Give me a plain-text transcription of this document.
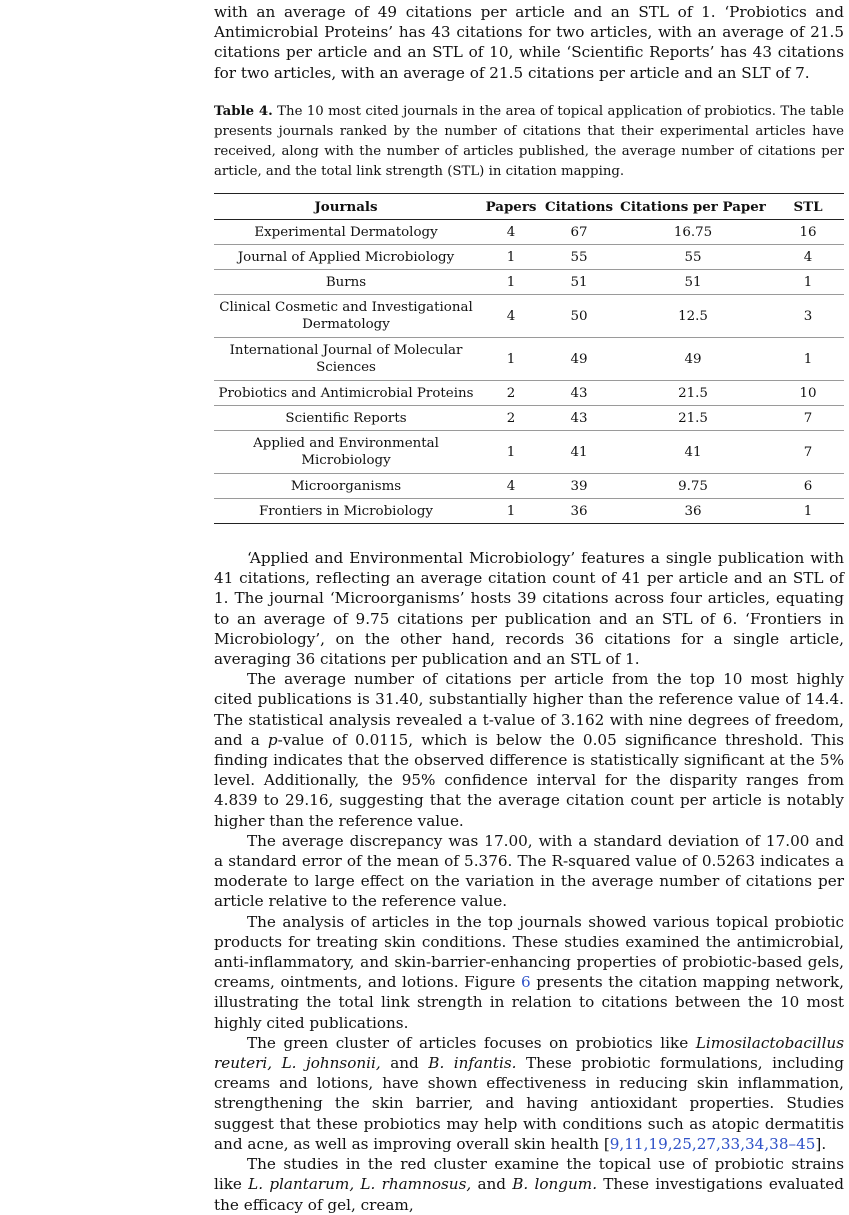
with an average of 49 citations per article and an STL of 1. ‘Probiotics and Antimicrobial Proteins’ has 43 citations for two articles, with an average of 21.5 citations per article and an STL of 10, while ‘Scientific Reports’ has 43 citations for two articles, with an average of 21.5 citations per article and an SLT of 7.

Table 4. The 10 most cited journals in the area of topical application of probiotics. The table presents journals ranked by the number of citations that their experimental articles have received, along with the number of articles published, the average number of citations per article, and the total link strength (STL) in citation mapping.

Journals	Papers	Citations	Citations per Paper	STL
Experimental Dermatology	4	67	16.75	16
Journal of Applied Microbiology	1	55	55	4
Burns	1	51	51	1
Clinical Cosmetic and Investigational Dermatology	4	50	12.5	3
International Journal of Molecular Sciences	1	49	49	1
Probiotics and Antimicrobial Proteins	2	43	21.5	10
Scientific Reports	2	43	21.5	7
Applied and Environmental Microbiology	1	41	41	7
Microorganisms	4	39	9.75	6
Frontiers in Microbiology	1	36	36	1

‘Applied and Environmental Microbiology’ features a single publication with 41 citations, reflecting an average citation count of 41 per article and an STL of 1. The journal ‘Microorganisms’ hosts 39 citations across four articles, equating to an average of 9.75 citations per publication and an STL of 6. ‘Frontiers in Microbiology’, on the other hand, records 36 citations for a single article, averaging 36 citations per publication and an STL of 1.

The average number of citations per article from the top 10 most highly cited publications is 31.40, substantially higher than the reference value of 14.4. The statistical analysis revealed a t-value of 3.162 with nine degrees of freedom, and a p-value of 0.0115, which is below the 0.05 significance threshold. This finding indicates that the observed difference is statistically significant at the 5% level. Additionally, the 95% confidence interval for the disparity ranges from 4.839 to 29.16, suggesting that the average citation count per article is notably higher than the reference value.

The average discrepancy was 17.00, with a standard deviation of 17.00 and a standard error of the mean of 5.376. The R-squared value of 0.5263 indicates a moderate to large effect on the variation in the average number of citations per article relative to the reference value.

The analysis of articles in the top journals showed various topical probiotic products for treating skin conditions. These studies examined the antimicrobial, anti-inflammatory, and skin-barrier-enhancing properties of probiotic-based gels, creams, ointments, and lotions. Figure 6 presents the citation mapping network, illustrating the total link strength in relation to citations between the 10 most highly cited publications.

The green cluster of articles focuses on probiotics like Limosilactobacillus reuteri, L. johnsonii, and B. infantis. These probiotic formulations, including creams and lotions, have shown effectiveness in reducing skin inflammation, strengthening the skin barrier, and having antioxidant properties. Studies suggest that these probiotics may help with conditions such as atopic dermatitis and acne, as well as improving overall skin health [9,11,19,25,27,33,34,38–45].

The studies in the red cluster examine the topical use of probiotic strains like L. plantarum, L. rhamnosus, and B. longum. These investigations evaluated the efficacy of gel, cream,
